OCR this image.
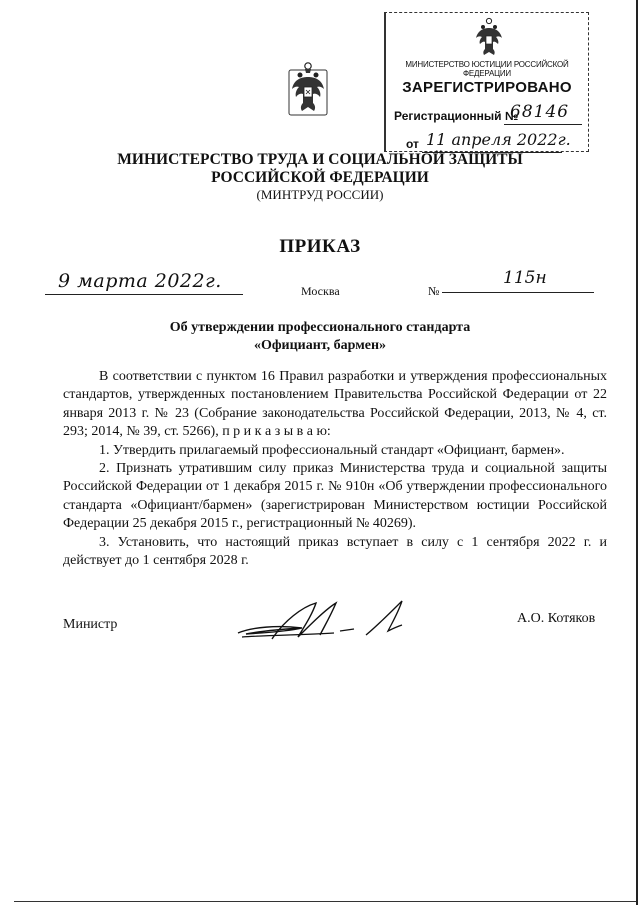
МИНИСТЕРСТВО ЮСТИЦИИ РОССИЙСКОЙ ФЕДЕРАЦИИ
ЗАРЕГИСТРИРОВАНО
Регистрационный №
68146
от 11 апреля 2022г.
МИНИСТЕРСТВО ТРУДА И СОЦИАЛЬНОЙ ЗАЩИТЫ
РОССИЙСКОЙ ФЕДЕРАЦИИ
(МИНТРУД РОССИИ)
ПРИКАЗ
9 марта 2022г.	Москва	№
115н
Об утверждении профессионального стандарта
«Официант, бармен»

В соответствии с пунктом 16 Правил разработки и утверждения профессиональных стандартов, утвержденных постановлением Правительства Российской Федерации от 22 января 2013 г. № 23 (Собрание законодательства Российской Федерации, 2013, № 4, ст. 293; 2014, № 39, ст. 5266), п р и к а з ы в а ю:

1. Утвердить прилагаемый профессиональный стандарт «Официант, бармен».

2. Признать утратившим силу приказ Министерства труда и социальной защиты Российской Федерации от 1 декабря 2015 г. № 910н «Об утверждении профессионального стандарта «Официант/бармен» (зарегистрирован Министерством юстиции Российской Федерации 25 декабря 2015 г., регистрационный № 40269).

3. Установить, что настоящий приказ вступает в силу с 1 сентября 2022 г. и действует до 1 сентября 2028 г.

Министр	А.О. Котяков
